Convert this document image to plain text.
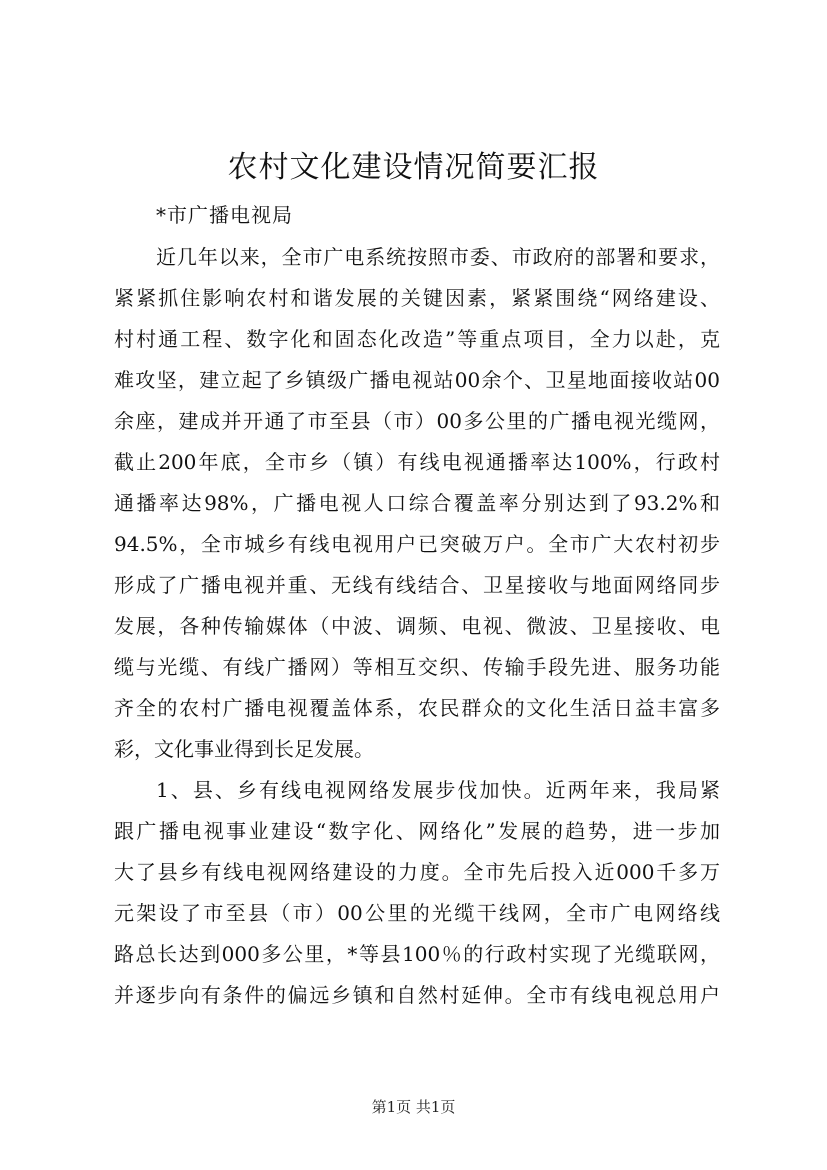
农村文化建设情况简要汇报
*市广播电视局
近几年以来，全市广电系统按照市委、市政府的部署和要求，
紧紧抓住影响农村和谐发展的关键因素，紧紧围绕“网络建设、
村村通工程、数字化和固态化改造”等重点项目，全力以赴，克
难攻坚，建立起了乡镇级广播电视站00余个、卫星地面接收站00
余座，建成并开通了市至县（市）00多公里的广播电视光缆网，
截止200年底，全市乡（镇）有线电视通播率达100%，行政村
通播率达98%，广播电视人口综合覆盖率分别达到了93.2%和
94.5%，全市城乡有线电视用户已突破万户。全市广大农村初步
形成了广播电视并重、无线有线结合、卫星接收与地面网络同步
发展，各种传输媒体（中波、调频、电视、微波、卫星接收、电
缆与光缆、有线广播网）等相互交织、传输手段先进、服务功能
齐全的农村广播电视覆盖体系，农民群众的文化生活日益丰富多
彩，文化事业得到长足发展。
1、县、乡有线电视网络发展步伐加快。近两年来，我局紧
跟广播电视事业建设“数字化、网络化”发展的趋势，进一步加
大了县乡有线电视网络建设的力度。全市先后投入近000千多万
元架设了市至县（市）00公里的光缆干线网，全市广电网络线
路总长达到000多公里，*等县100％的行政村实现了光缆联网，
并逐步向有条件的偏远乡镇和自然村延伸。全市有线电视总用户
第1页 共1页
